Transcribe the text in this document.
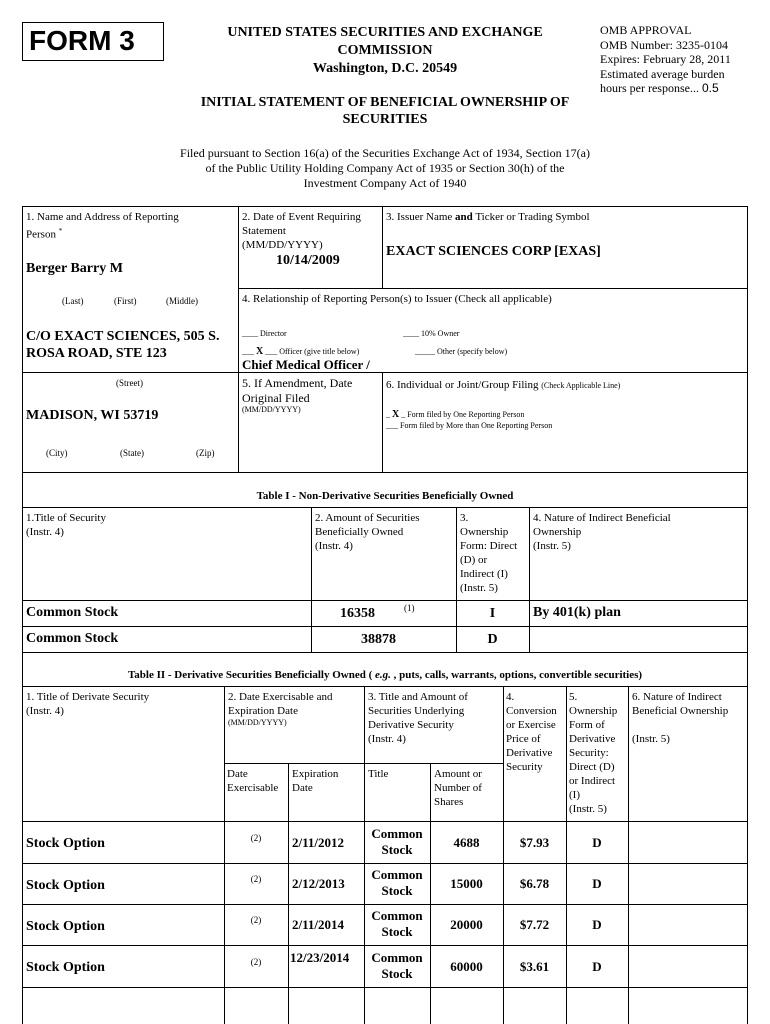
FORM 3	UNITED STATES SECURITIES AND EXCHANGE
COMMISSION
Washington, D.C. 20549
OMB APPROVAL
OMB Number: 3235-0104
Expires: February 28, 2011
Estimated average burden
hours per response... 0.5
INITIAL STATEMENT OF BENEFICIAL OWNERSHIP OF
SECURITIES
Filed pursuant to Section 16(a) of the Securities Exchange Act of 1934, Section 17(a)
of the Public Utility Holding Company Act of 1935 or Section 30(h) of the
Investment Company Act of 1940
1. Name and Address of Reporting
Person *
Berger Barry M
(Last)	(First)	(Middle)
C/O EXACT SCIENCES, 505 S.
ROSA ROAD, STE 123
(Street)
MADISON, WI 53719
(City)	(State)	(Zip)
2. Date of Event Requiring
Statement
(MM/DD/YYYY)
10/14/2009
3. Issuer Name and Ticker or Trading Symbol
EXACT SCIENCES CORP [EXAS]
4. Relationship of Reporting Person(s) to Issuer (Check all applicable)
____ Director	____ 10% Owner
___ X ___ Officer (give title below)	_____ Other (specify below)
Chief Medical Officer /
5. If Amendment, Date
Original Filed
(MM/DD/YYYY)
6. Individual or Joint/Group Filing (Check Applicable Line)
_ X _ Form filed by One Reporting Person
___ Form filed by More than One Reporting Person
Table I - Non-Derivative Securities Beneficially Owned
1.Title of Security
(Instr. 4)
2. Amount of Securities
Beneficially Owned
(Instr. 4)
3.
Ownership
Form: Direct
(D) or
Indirect (I)
(Instr. 5)
4. Nature of Indirect Beneficial
Ownership
(Instr. 5)
Common Stock	16358	(1)	I	By 401(k) plan
Common Stock	38878	D
Table II - Derivative Securities Beneficially Owned ( e.g. , puts, calls, warrants, options, convertible securities)
1. Title of Derivate Security
(Instr. 4)
2. Date Exercisable and
Expiration Date
(MM/DD/YYYY)
3. Title and Amount of
Securities Underlying
Derivative Security
(Instr. 4)
4.
Conversion
or Exercise
Price of
Derivative
Security
5.
Ownership
Form of
Derivative
Security:
Direct (D)
or Indirect
(I)
(Instr. 5)
6. Nature of Indirect
Beneficial Ownership
(Instr. 5)
Date
Exercisable
Expiration
Date
Title	Amount or
Number of
Shares
Stock Option	(2)	2/11/2012
Common
Stock	4688	$7.93	D
Stock Option	(2)	2/12/2013
Common
Stock	15000	$6.78	D
Stock Option	(2)	2/11/2014
Common
Stock	20000	$7.72	D
Stock Option	(2)	12/23/2014	Common
Stock	60000	$3.61	D
